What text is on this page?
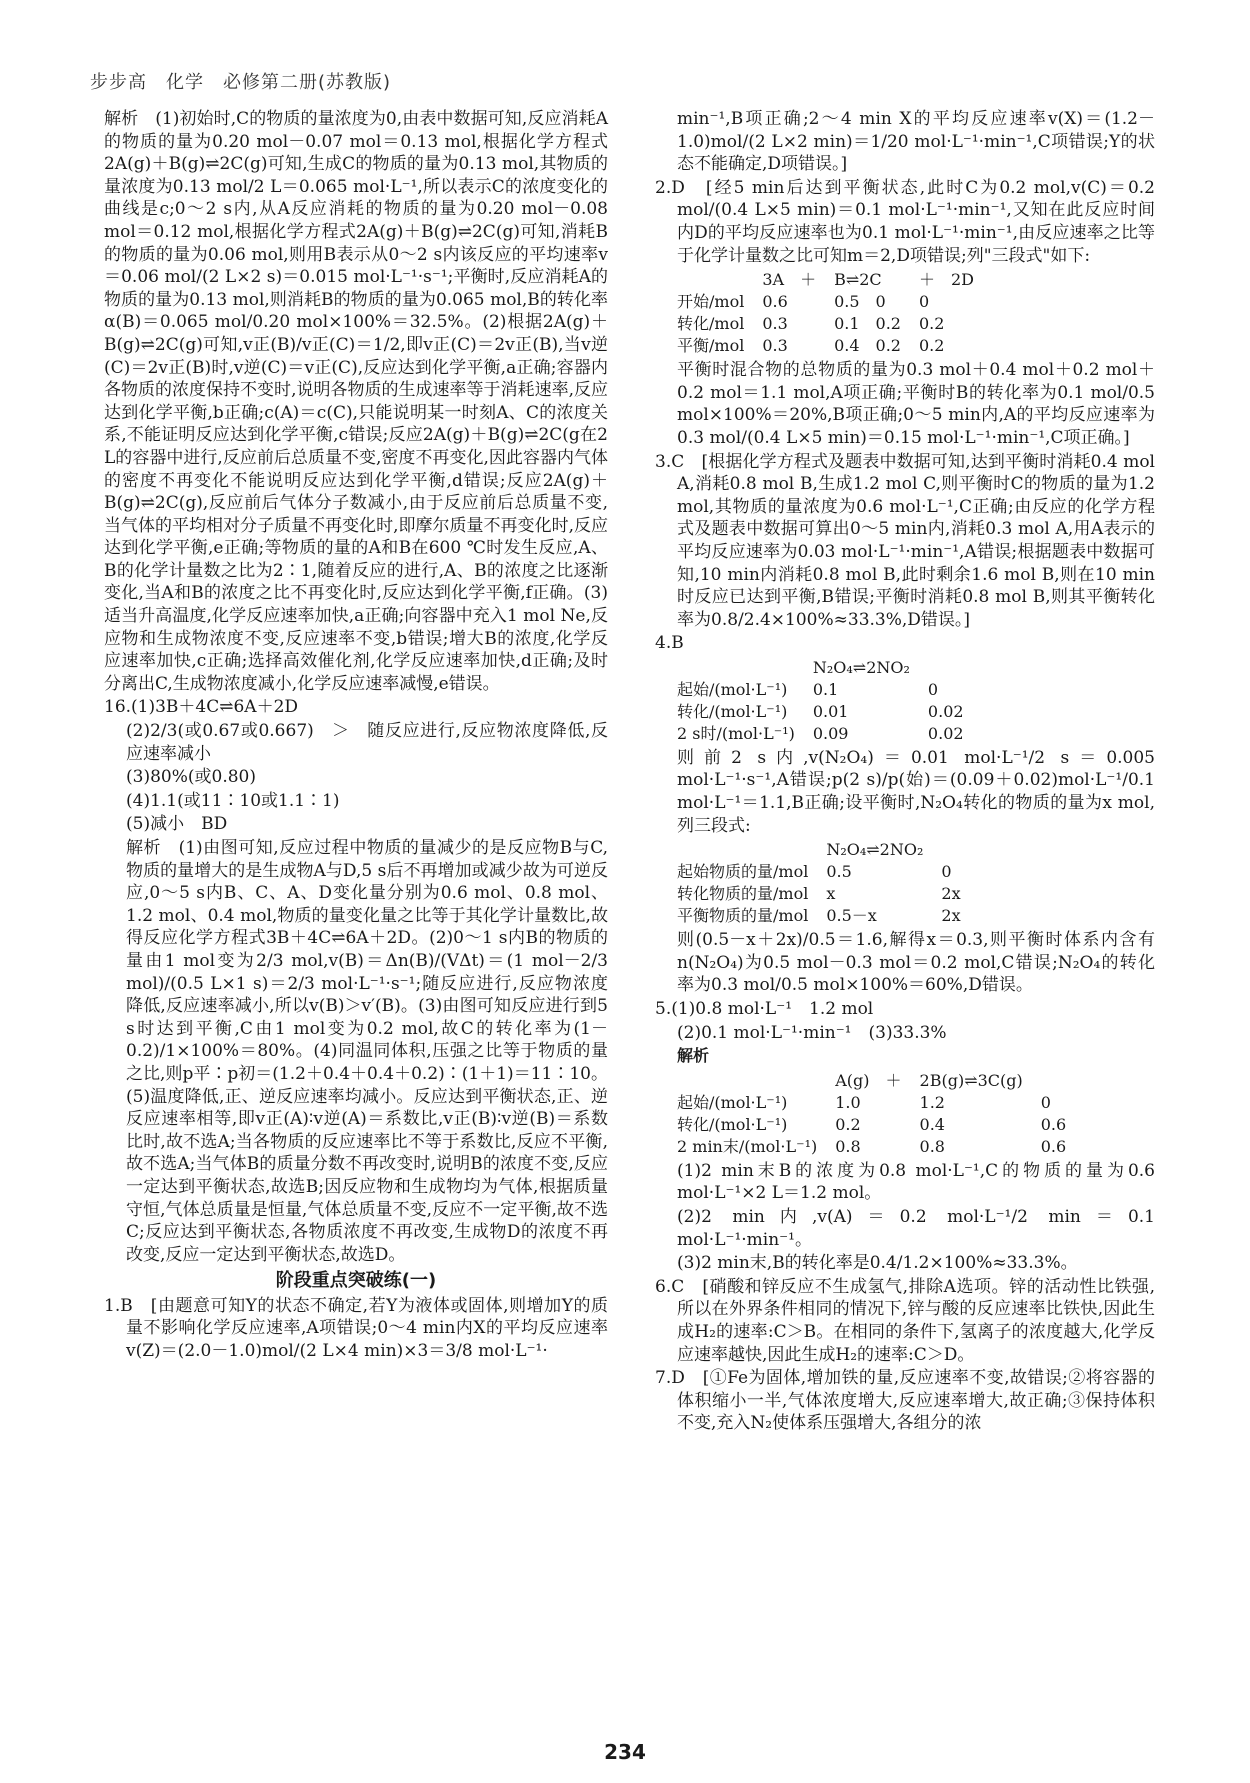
步步高　化学　必修第二册(苏教版)

解析　(1)初始时,C的物质的量浓度为0,由表中数据可知,反应消耗A的物质的量为0.20 mol－0.07 mol＝0.13 mol,根据化学方程式2A(g)＋B(g)⇌2C(g)可知,生成C的物质的量为0.13 mol,其物质的量浓度为0.13 mol/2 L＝0.065 mol·L⁻¹,所以表示C的浓度变化的曲线是c;0～2 s内,从A反应消耗的物质的量为0.20 mol－0.08 mol＝0.12 mol,根据化学方程式2A(g)＋B(g)⇌2C(g)可知,消耗B的物质的量为0.06 mol,则用B表示从0～2 s内该反应的平均速率v＝0.06 mol/(2 L×2 s)＝0.015 mol·L⁻¹·s⁻¹;平衡时,反应消耗A的物质的量为0.13 mol,则消耗B的物质的量为0.065 mol,B的转化率α(B)＝0.065 mol/0.20 mol×100%＝32.5%。(2)根据2A(g)＋B(g)⇌2C(g)可知,v正(B)/v正(C)＝1/2,即v正(C)＝2v正(B),当v逆(C)＝2v正(B)时,v逆(C)＝v正(C),反应达到化学平衡,a正确;容器内各物质的浓度保持不变时,说明各物质的生成速率等于消耗速率,反应达到化学平衡,b正确;c(A)＝c(C),只能说明某一时刻A、C的浓度关系,不能证明反应达到化学平衡,c错误;反应2A(g)＋B(g)⇌2C(g在2 L的容器中进行,反应前后总质量不变,密度不再变化,因此容器内气体的密度不再变化不能说明反应达到化学平衡,d错误;反应2A(g)＋B(g)⇌2C(g),反应前后气体分子数减小,由于反应前后总质量不变,当气体的平均相对分子质量不再变化时,即摩尔质量不再变化时,反应达到化学平衡,e正确;等物质的量的A和B在600 ℃时发生反应,A、B的化学计量数之比为2∶1,随着反应的进行,A、B的浓度之比逐渐变化,当A和B的浓度之比不再变化时,反应达到化学平衡,f正确。(3)适当升高温度,化学反应速率加快,a正确;向容器中充入1 mol Ne,反应物和生成物浓度不变,反应速率不变,b错误;增大B的浓度,化学反应速率加快,c正确;选择高效催化剂,化学反应速率加快,d正确;及时分离出C,生成物浓度减小,化学反应速率减慢,e错误。

16.(1)3B＋4C⇌6A＋2D

(2)2/3(或0.67或0.667)　＞　随反应进行,反应物浓度降低,反应速率减小

(3)80%(或0.80)

(4)1.1(或11∶10或1.1∶1)

(5)减小　BD

解析　(1)由图可知,反应过程中物质的量减少的是反应物B与C,物质的量增大的是生成物A与D,5 s后不再增加或减少故为可逆反应,0～5 s内B、C、A、D变化量分别为0.6 mol、0.8 mol、1.2 mol、0.4 mol,物质的量变化量之比等于其化学计量数比,故得反应化学方程式3B＋4C⇌6A＋2D。(2)0～1 s内B的物质的量由1 mol变为2/3 mol,v(B)＝Δn(B)/(VΔt)＝(1 mol－2/3 mol)/(0.5 L×1 s)＝2/3 mol·L⁻¹·s⁻¹;随反应进行,反应物浓度降低,反应速率减小,所以v(B)＞v′(B)。(3)由图可知反应进行到5 s时达到平衡,C由1 mol变为0.2 mol,故C的转化率为(1－0.2)/1×100%＝80%。(4)同温同体积,压强之比等于物质的量之比,则p平∶p初＝(1.2＋0.4＋0.4＋0.2)∶(1＋1)＝11∶10。(5)温度降低,正、逆反应速率均减小。反应达到平衡状态,正、逆反应速率相等,即v正(A)∶v逆(A)＝系数比,v正(B)∶v逆(B)＝系数比时,故不选A;当各物质的反应速率比不等于系数比,反应不平衡,故不选A;当气体B的质量分数不再改变时,说明B的浓度不变,反应一定达到平衡状态,故选B;因反应物和生成物均为气体,根据质量守恒,气体总质量是恒量,气体总质量不变,反应不一定平衡,故不选C;反应达到平衡状态,各物质浓度不再改变,生成物D的浓度不再改变,反应一定达到平衡状态,故选D。

阶段重点突破练(一)

1.B　[由题意可知Y的状态不确定,若Y为液体或固体,则增加Y的质量不影响化学反应速率,A项错误;0～4 min内X的平均反应速率v(Z)＝(2.0－1.0)mol/(2 L×4 min)×3＝3/8 mol·L⁻¹·

min⁻¹,B项正确;2～4 min X的平均反应速率v(X)＝(1.2－1.0)mol/(2 L×2 min)＝1/20 mol·L⁻¹·min⁻¹,C项错误;Y的状态不能确定,D项错误。]

2.D　[经5 min后达到平衡状态,此时C为0.2 mol,v(C)＝0.2 mol/(0.4 L×5 min)＝0.1 mol·L⁻¹·min⁻¹,又知在此反应时间内D的平均反应速率也为0.1 mol·L⁻¹·min⁻¹,由反应速率之比等于化学计量数之比可知m＝2,D项错误;列"三段式"如下:

	3A　＋	B⇌2C	＋　2D
开始/mol	0.6	0.5　0	0
转化/mol	0.3	0.1　0.2	0.2
平衡/mol	0.3	0.4　0.2	0.2

平衡时混合物的总物质的量为0.3 mol＋0.4 mol＋0.2 mol＋0.2 mol＝1.1 mol,A项正确;平衡时B的转化率为0.1 mol/0.5 mol×100%＝20%,B项正确;0～5 min内,A的平均反应速率为0.3 mol/(0.4 L×5 min)＝0.15 mol·L⁻¹·min⁻¹,C项正确。]

3.C　[根据化学方程式及题表中数据可知,达到平衡时消耗0.4 mol A,消耗0.8 mol B,生成1.2 mol C,则平衡时C的物质的量为1.2 mol,其物质的量浓度为0.6 mol·L⁻¹,C正确;由反应的化学方程式及题表中数据可算出0～5 min内,消耗0.3 mol A,用A表示的平均反应速率为0.03 mol·L⁻¹·min⁻¹,A错误;根据题表中数据可知,10 min内消耗0.8 mol B,此时剩余1.6 mol B,则在10 min时反应已达到平衡,B错误;平衡时消耗0.8 mol B,则其平衡转化率为0.8/2.4×100%≈33.3%,D错误。]

4.B

	N₂O₄⇌2NO₂	
起始/(mol·L⁻¹)	0.1	0
转化/(mol·L⁻¹)	0.01	0.02
2 s时/(mol·L⁻¹)	0.09	0.02

则前2 s内,v(N₂O₄)＝0.01 mol·L⁻¹/2 s＝0.005 mol·L⁻¹·s⁻¹,A错误;p(2 s)/p(始)＝(0.09＋0.02)mol·L⁻¹/0.1 mol·L⁻¹＝1.1,B正确;设平衡时,N₂O₄转化的物质的量为x mol,列三段式:

	N₂O₄⇌2NO₂	
起始物质的量/mol	0.5	0
转化物质的量/mol	x	2x
平衡物质的量/mol	0.5－x	2x

则(0.5－x＋2x)/0.5＝1.6,解得x＝0.3,则平衡时体系内含有n(N₂O₄)为0.5 mol－0.3 mol＝0.2 mol,C错误;N₂O₄的转化率为0.3 mol/0.5 mol×100%＝60%,D错误。

5.(1)0.8 mol·L⁻¹　1.2 mol

(2)0.1 mol·L⁻¹·min⁻¹　(3)33.3%

解析

	A(g)　＋	2B(g)⇌3C(g)	
起始/(mol·L⁻¹)	1.0	1.2	0
转化/(mol·L⁻¹)	0.2	0.4	0.6
2 min末/(mol·L⁻¹)	0.8	0.8	0.6

(1)2 min末B的浓度为0.8 mol·L⁻¹,C的物质的量为0.6 mol·L⁻¹×2 L＝1.2 mol。

(2)2 min内,v(A)＝0.2 mol·L⁻¹/2 min＝0.1 mol·L⁻¹·min⁻¹。

(3)2 min末,B的转化率是0.4/1.2×100%≈33.3%。

6.C　[硝酸和锌反应不生成氢气,排除A选项。锌的活动性比铁强,所以在外界条件相同的情况下,锌与酸的反应速率比铁快,因此生成H₂的速率:C＞B。在相同的条件下,氢离子的浓度越大,化学反应速率越快,因此生成H₂的速率:C＞D。

7.D　[①Fe为固体,增加铁的量,反应速率不变,故错误;②将容器的体积缩小一半,气体浓度增大,反应速率增大,故正确;③保持体积不变,充入N₂使体系压强增大,各组分的浓

234
